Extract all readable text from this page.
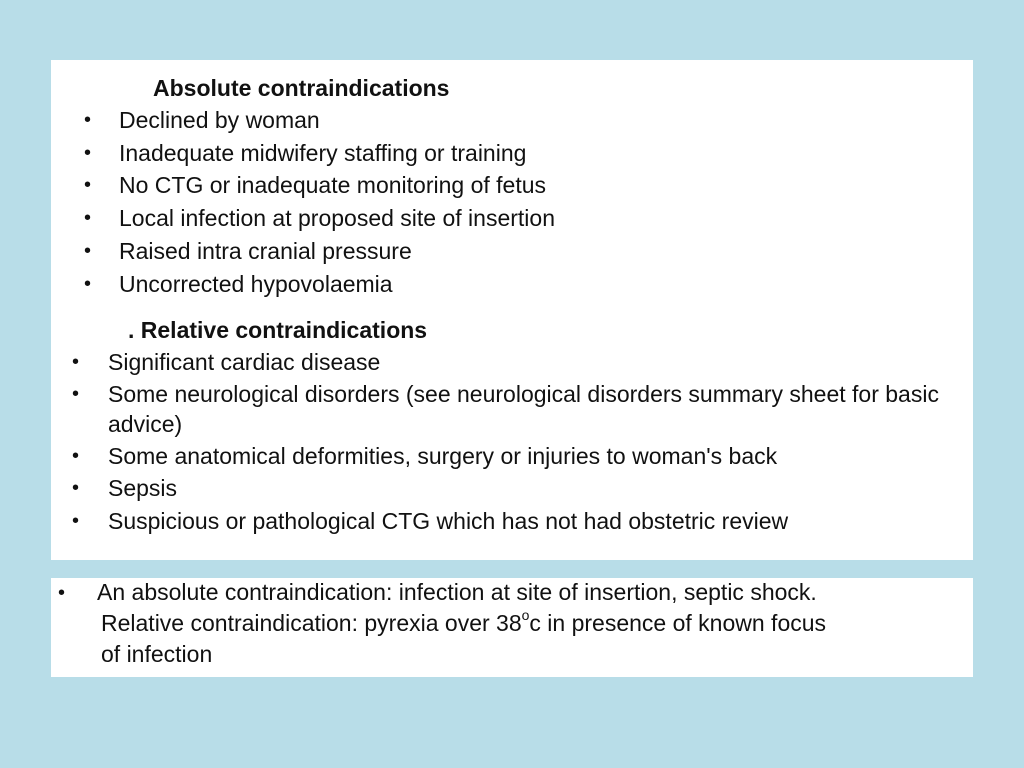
Absolute contraindications
• Declined by woman
• Inadequate midwifery staffing or training
• No CTG or inadequate monitoring of fetus
• Local infection at proposed site of insertion
• Raised intra cranial pressure
• Uncorrected hypovolaemia
. Relative contraindications
• Significant cardiac disease
• Some neurological disorders (see neurological disorders summary sheet for basic advice)
• Some anatomical deformities, surgery or injuries to woman's back
• Sepsis
• Suspicious or pathological CTG which has not had obstetric review
• An absolute contraindication: infection at site of insertion, septic shock.
Relative contraindication: pyrexia over 38$^o$c in presence of known focus
of infection
